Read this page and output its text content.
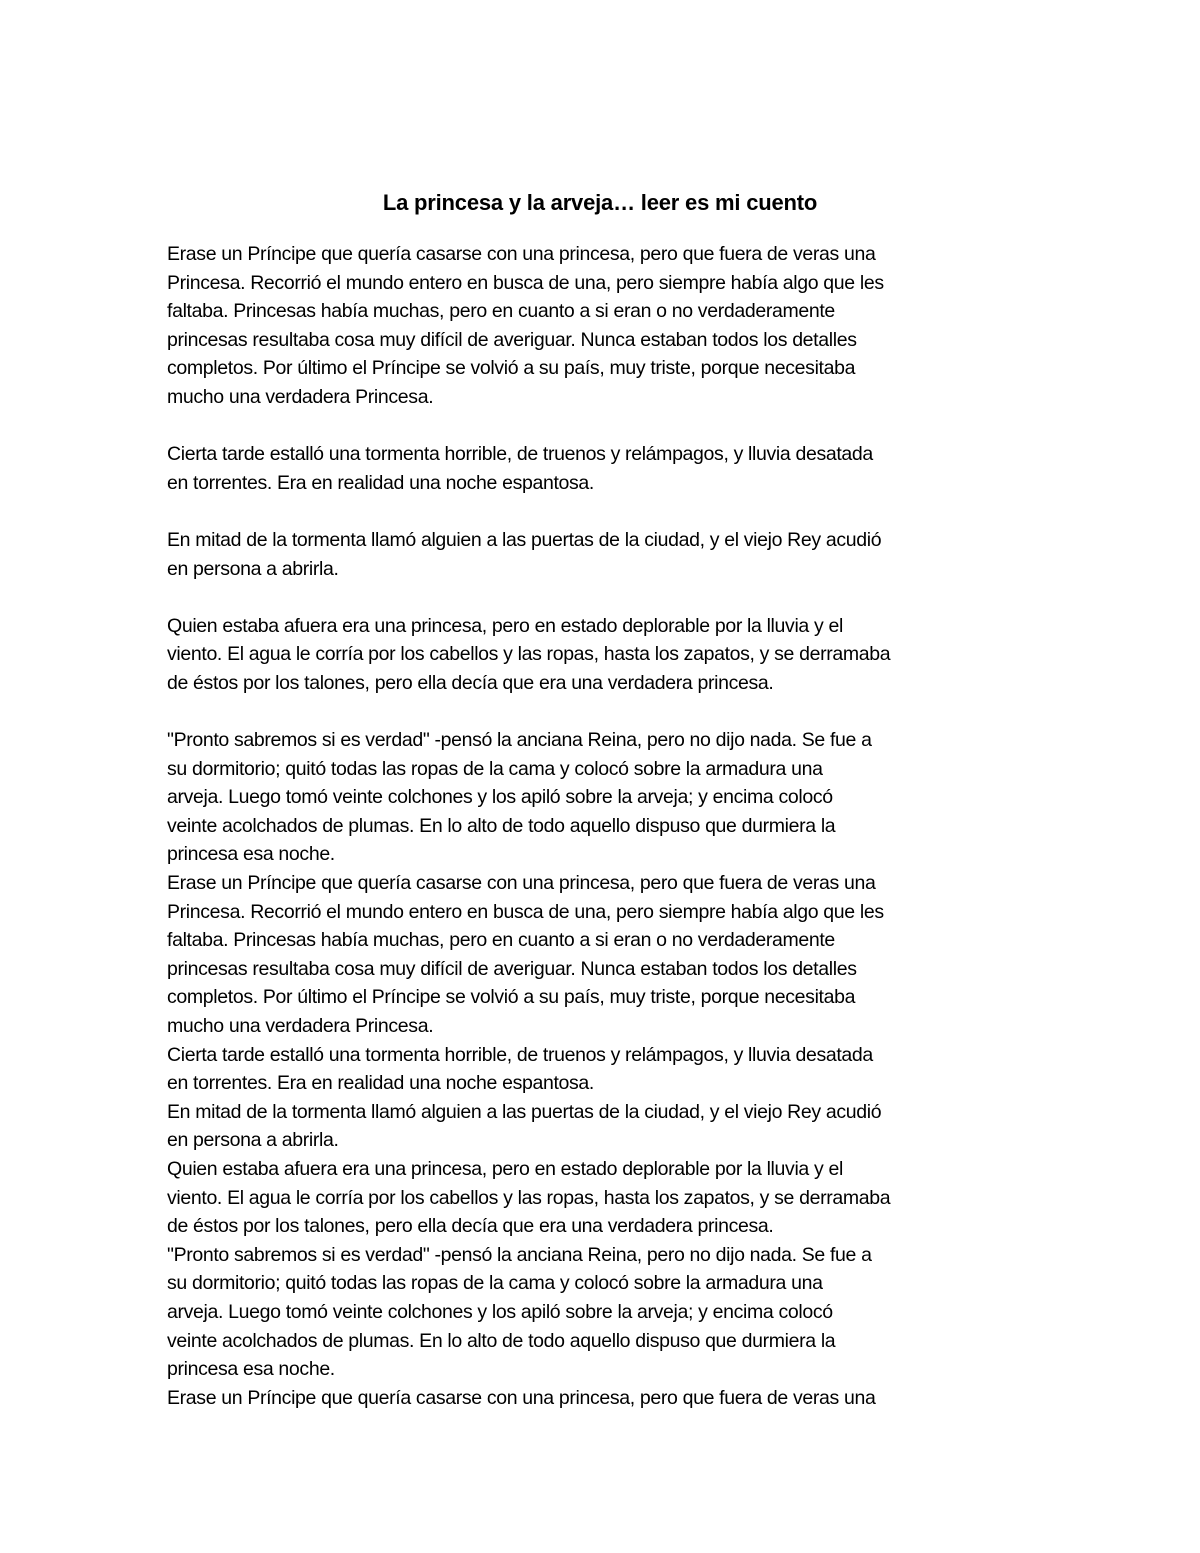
La princesa y la arveja… leer es mi cuento
Erase un Príncipe que quería casarse con una princesa, pero que fuera de veras una
Princesa. Recorrió el mundo entero en busca de una, pero siempre había algo que les
faltaba. Princesas había muchas, pero en cuanto a si eran o no verdaderamente
princesas resultaba cosa muy difícil de averiguar. Nunca estaban todos los detalles
completos. Por último el Príncipe se volvió a su país, muy triste, porque necesitaba
mucho una verdadera Princesa.
Cierta tarde estalló una tormenta horrible, de truenos y relámpagos, y lluvia desatada
en torrentes. Era en realidad una noche espantosa.
En mitad de la tormenta llamó alguien a las puertas de la ciudad, y el viejo Rey acudió
en persona a abrirla.
Quien estaba afuera era una princesa, pero en estado deplorable por la lluvia y el
viento. El agua le corría por los cabellos y las ropas, hasta los zapatos, y se derramaba
de éstos por los talones, pero ella decía que era una verdadera princesa.
"Pronto sabremos si es verdad" -pensó la anciana Reina, pero no dijo nada. Se fue a
su dormitorio; quitó todas las ropas de la cama y colocó sobre la armadura una
arveja. Luego tomó veinte colchones y los apiló sobre la arveja; y encima colocó
veinte acolchados de plumas. En lo alto de todo aquello dispuso que durmiera la
princesa esa noche.
Erase un Príncipe que quería casarse con una princesa, pero que fuera de veras una
Princesa. Recorrió el mundo entero en busca de una, pero siempre había algo que les
faltaba. Princesas había muchas, pero en cuanto a si eran o no verdaderamente
princesas resultaba cosa muy difícil de averiguar. Nunca estaban todos los detalles
completos. Por último el Príncipe se volvió a su país, muy triste, porque necesitaba
mucho una verdadera Princesa.
Cierta tarde estalló una tormenta horrible, de truenos y relámpagos, y lluvia desatada
en torrentes. Era en realidad una noche espantosa.
En mitad de la tormenta llamó alguien a las puertas de la ciudad, y el viejo Rey acudió
en persona a abrirla.
Quien estaba afuera era una princesa, pero en estado deplorable por la lluvia y el
viento. El agua le corría por los cabellos y las ropas, hasta los zapatos, y se derramaba
de éstos por los talones, pero ella decía que era una verdadera princesa.
"Pronto sabremos si es verdad" -pensó la anciana Reina, pero no dijo nada. Se fue a
su dormitorio; quitó todas las ropas de la cama y colocó sobre la armadura una
arveja. Luego tomó veinte colchones y los apiló sobre la arveja; y encima colocó
veinte acolchados de plumas. En lo alto de todo aquello dispuso que durmiera la
princesa esa noche.
Erase un Príncipe que quería casarse con una princesa, pero que fuera de veras una
